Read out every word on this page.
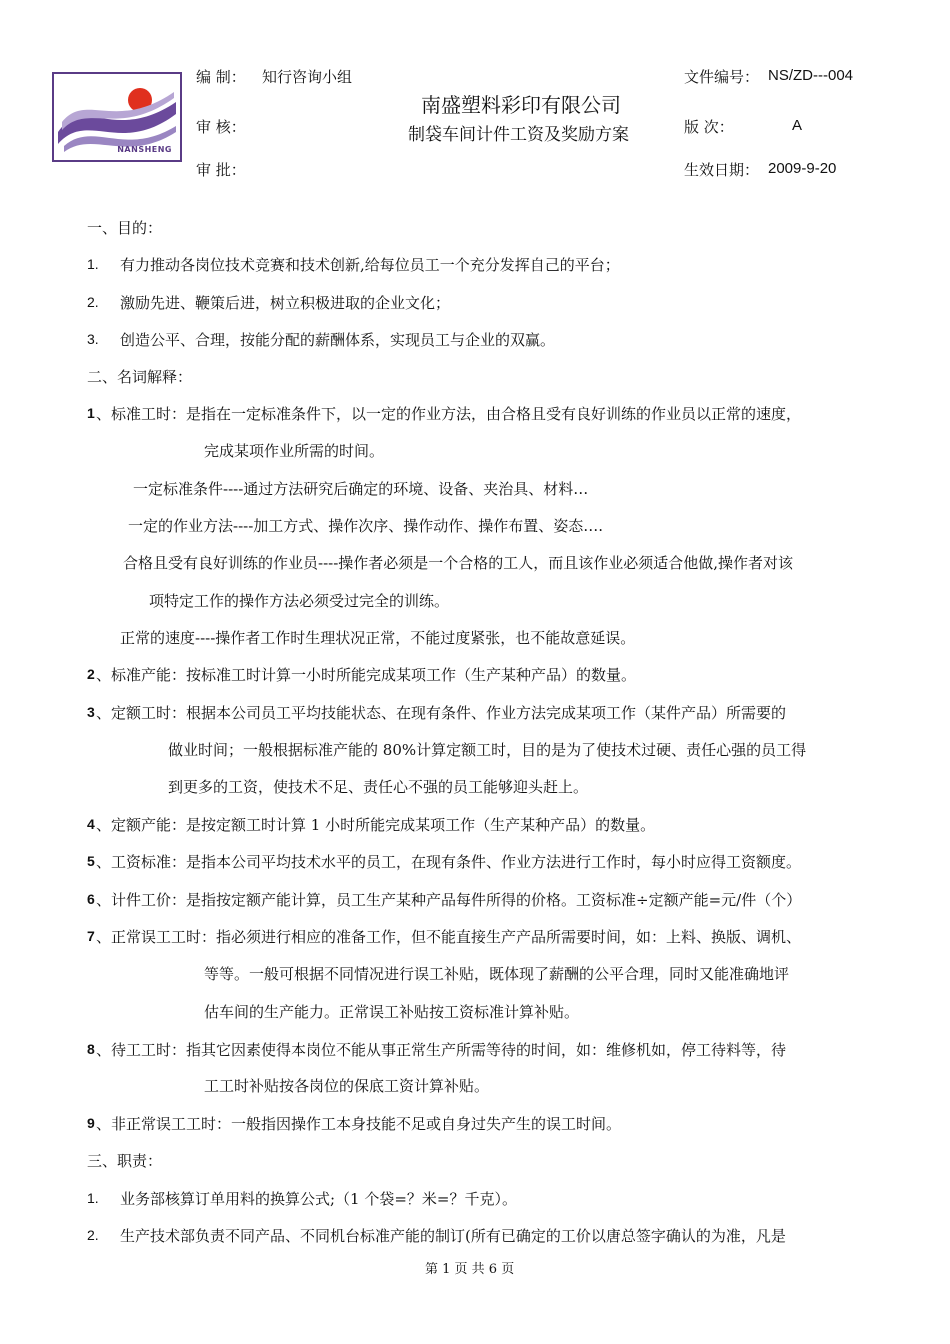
NANSHENG
编 制： 知行咨询小组
审 核：
审 批：
南盛塑料彩印有限公司
制袋车间计件工资及奖励方案
文件编号： NS/ZD---004
版 次：	A
生效日期： 2009-9-20
一、目的：
1. 有力推动各岗位技术竞赛和技术创新,给每位员工一个充分发挥自己的平台；
2. 激励先进、鞭策后进，树立积极进取的企业文化；
3. 创造公平、合理，按能分配的薪酬体系，实现员工与企业的双赢。
二、名词解释：
1 、标准工时：是指在一定标准条件下，以一定的作业方法，由合格且受有良好训练的作业员以正常的速度，
完成某项作业所需的时间。
一定标准条件----通过方法研究后确定的环境、设备、夹治具、材料…
一定的作业方法----加工方式、操作次序、操作动作、操作布置、姿态….
合格且受有良好训练的作业员----操作者必须是一个合格的工人，而且该作业必须适合他做,操作者对该
项特定工作的操作方法必须受过完全的训练。
正常的速度----操作者工作时生理状况正常，不能过度紧张，也不能故意延误。
2 、标准产能：按标准工时计算一小时所能完成某项工作（生产某种产品）的数量。
3 、定额工时：根据本公司员工平均技能状态、在现有条件、作业方法完成某项工作（某件产品）所需要的
做业时间；一般根据标准产能的 80%计算定额工时，目的是为了使技术过硬、责任心强的员工得
到更多的工资，使技术不足、责任心不强的员工能够迎头赶上。
4 、定额产能：是按定额工时计算 1 小时所能完成某项工作（生产某种产品）的数量。
5 、工资标准：是指本公司平均技术水平的员工，在现有条件、作业方法进行工作时，每小时应得工资额度。
6 、计件工价：是指按定额产能计算，员工生产某种产品每件所得的价格。工资标准÷定额产能=元/件（个）
7 、正常误工工时：指必须进行相应的准备工作，但不能直接生产产品所需要时间，如：上料、换版、调机、
等等。一般可根据不同情况进行误工补贴，既体现了薪酬的公平合理，同时又能准确地评
估车间的生产能力。正常误工补贴按工资标准计算补贴。
8 、待工工时：指其它因素使得本岗位不能从事正常生产所需等待的时间，如：维修机如，停工待料等，待
工工时补贴按各岗位的保底工资计算补贴。
9 、非正常误工工时：一般指因操作工本身技能不足或自身过失产生的误工时间。
三、职责：
1. 业务部核算订单用料的换算公式;（1 个袋=？米=？千克）。
2. 生产技术部负责不同产品、不同机台标准产能的制订(所有已确定的工价以唐总签字确认的为准，凡是
第 1 页 共 6 页
